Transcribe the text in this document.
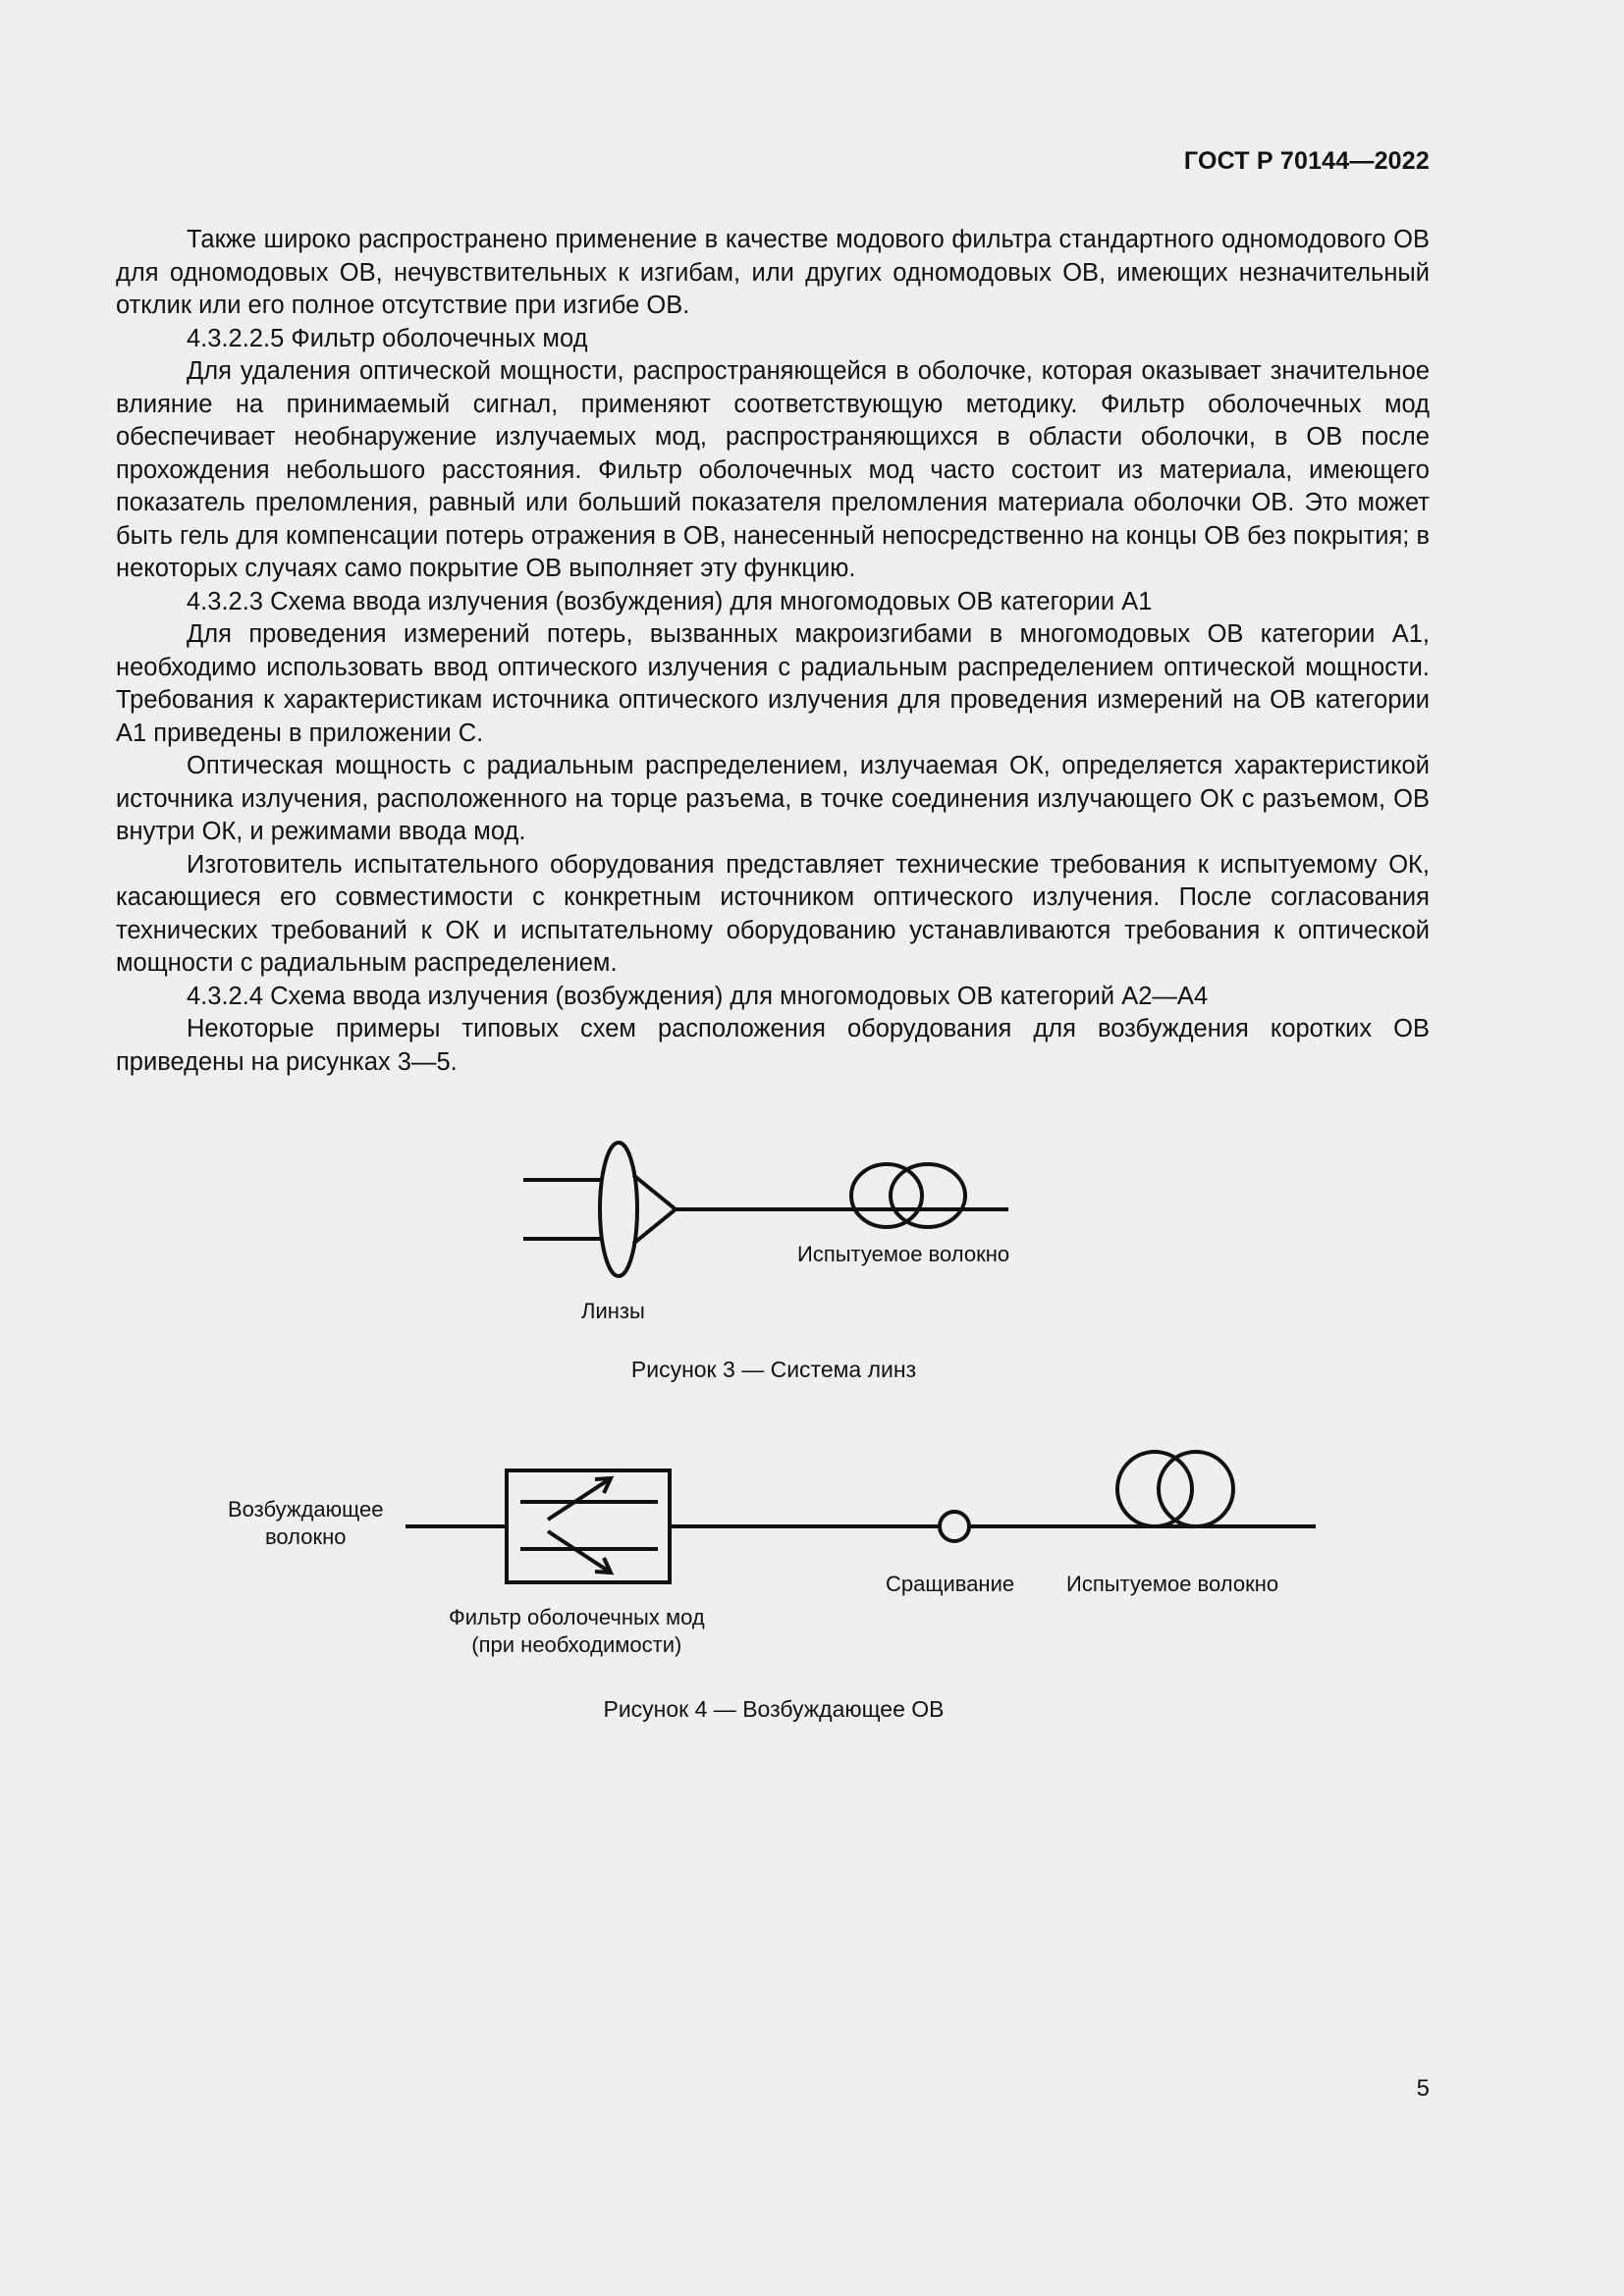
ГОСТ Р 70144—2022

Также широко распространено применение в качестве модового фильтра стандартного одномодового ОВ для одномодовых ОВ, нечувствительных к изгибам, или других одномодовых ОВ, имеющих незначительный отклик или его полное отсутствие при изгибе ОВ.

4.3.2.2.5 Фильтр оболочечных мод

Для удаления оптической мощности, распространяющейся в оболочке, которая оказывает значительное влияние на принимаемый сигнал, применяют соответствующую методику. Фильтр оболочечных мод обеспечивает необнаружение излучаемых мод, распространяющихся в области оболочки, в ОВ после прохождения небольшого расстояния. Фильтр оболочечных мод часто состоит из материала, имеющего показатель преломления, равный или больший показателя преломления материала оболочки ОВ. Это может быть гель для компенсации потерь отражения в ОВ, нанесенный непосредственно на концы ОВ без покрытия; в некоторых случаях само покрытие ОВ выполняет эту функцию.

4.3.2.3 Схема ввода излучения (возбуждения) для многомодовых ОВ категории А1

Для проведения измерений потерь, вызванных макроизгибами в многомодовых ОВ категории А1, необходимо использовать ввод оптического излучения с радиальным распределением оптической мощности. Требования к характеристикам источника оптического излучения для проведения измерений на ОВ категории А1 приведены в приложении С.

Оптическая мощность с радиальным распределением, излучаемая ОК, определяется характеристикой источника излучения, расположенного на торце разъема, в точке соединения излучающего ОК с разъемом, ОВ внутри ОК, и режимами ввода мод.

Изготовитель испытательного оборудования представляет технические требования к испытуемому ОК, касающиеся его совместимости с конкретным источником оптического излучения. После согласования технических требований к ОК и испытательному оборудованию устанавливаются требования к оптической мощности с радиальным распределением.

4.3.2.4 Схема ввода излучения (возбуждения) для многомодовых ОВ категорий А2—А4

Некоторые примеры типовых схем расположения оборудования для возбуждения коротких ОВ приведены на рисунках 3—5.

Испытуемое волокно
Линзы
Рисунок 3 — Система линз
Возбуждающее
волокно
Фильтр оболочечных мод
(при необходимости)
Сращивание Испытуемое волокно
Рисунок 4 — Возбуждающее ОВ
5
